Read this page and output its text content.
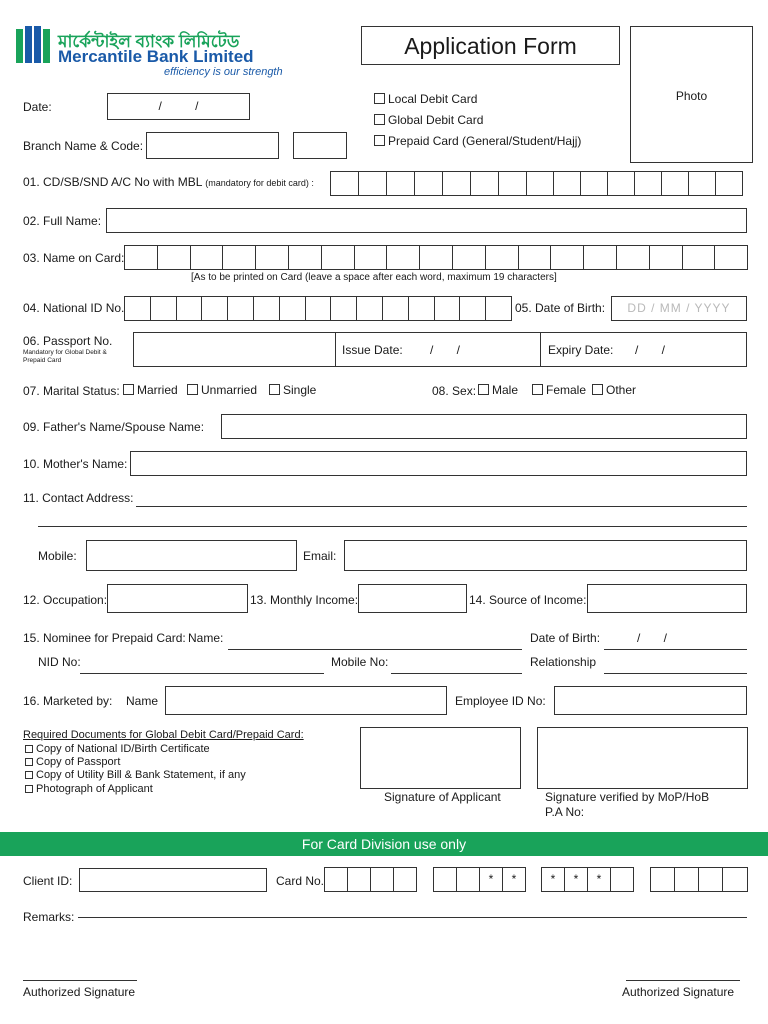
মার্কেন্টাইল ব্যাংক লিমিটেড
Mercantile Bank Limited
efficiency is our strength
Application Form
Photo
Local Debit Card
Global Debit Card
Prepaid Card (General/Student/Hajj)
Date:	/          /
Branch Name & Code:
01. CD/SB/SND A/C No with MBL (mandatory for debit card) :
02. Full Name:
03. Name on Card:
[As to be printed on Card (leave a space after each word, maximum 19 characters]
04. National ID No.	05. Date of Birth:	DD / MM / YYYY
06. Passport No.
Mandatory for Global Debit & Prepaid Card
Issue Date: /       /	Expiry Date: /       /
07. Marital Status:	Married	Unmarried	Single	08. Sex:	Male	Female	Other
09. Father's Name/Spouse Name:
10. Mother's Name:
11. Contact Address:
Mobile:	Email:
12. Occupation:	13. Monthly Income:	14. Source of Income:
15. Nominee for Prepaid Card: Name:	Date of Birth:	/       /
NID No:	Mobile No:	Relationship
16. Marketed by: Name	Employee ID No:
Required Documents for Global Debit Card/Prepaid Card:
Copy of National ID/Birth Certificate
Copy of Passport
Copy of Utility Bill & Bank Statement, if any
Photograph of Applicant
Signature of Applicant	Signature verified by MoP/HoB
P.A No:
For Card Division use only
Client ID:	Card No.	*	*	*	*	*
Remarks:
Authorized Signature	Authorized Signature
